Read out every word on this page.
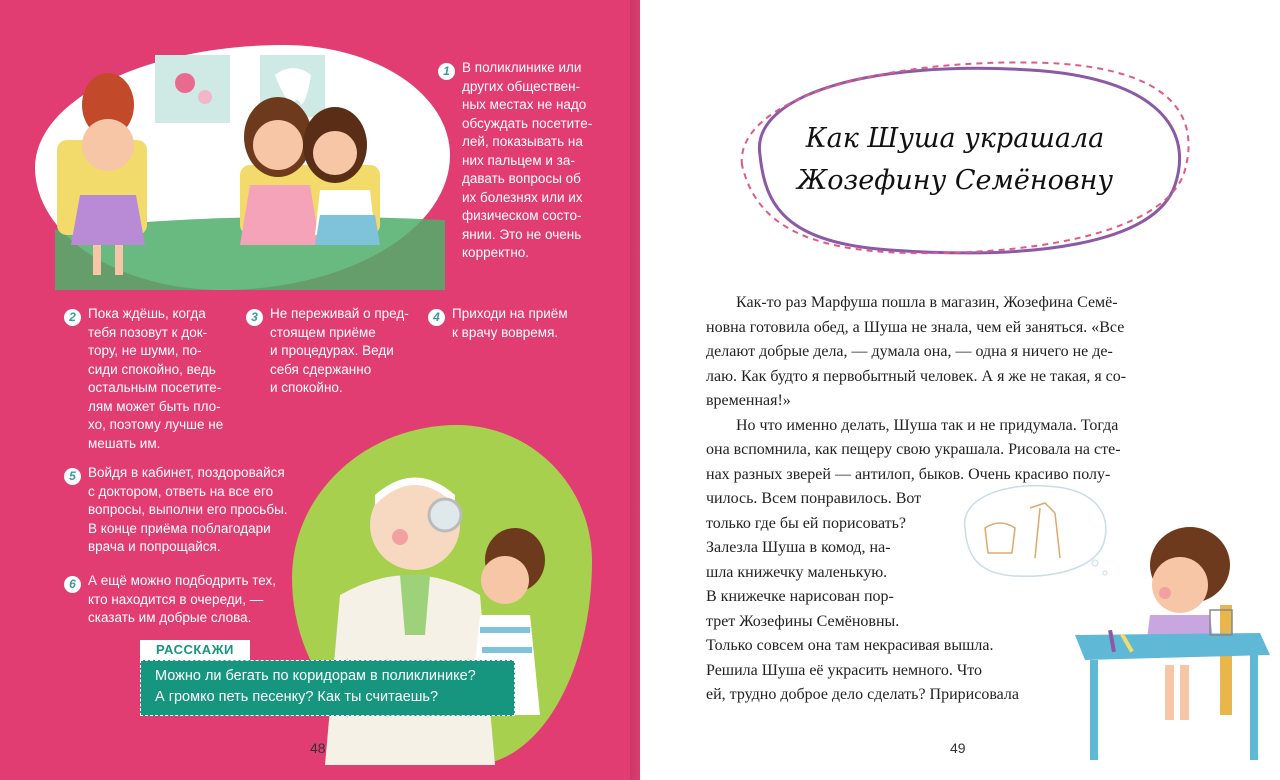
1 В поликлинике или
других обществен-
ных местах не надо
обсуждать посетите-
лей, показывать на
них пальцем и за-
давать вопросы об
их болезнях или их
физическом состо-
янии. Это не очень
корректно.
2 Пока ждёшь, когда
тебя позовут к док-
тору, не шуми, по-
сиди спокойно, ведь
остальным посетите-
лям может быть пло-
хо, поэтому лучше не
мешать им.
3 Не переживай о пред-
стоящем приёме
и процедурах. Веди
себя сдержанно
и спокойно.
4 Приходи на приём
к врачу вовремя.
5 Войдя в кабинет, поздоровайся
с доктором, ответь на все его
вопросы, выполни его просьбы.
В конце приёма поблагодари
врача и попрощайся.
6 А ещё можно подбодрить тех,
кто находится в очереди, —
сказать им добрые слова.
РАССКАЖИ
Можно ли бегать по коридорам в поликлинике?
А громко петь песенку? Как ты считаешь?
48
Как Шуша украшала
Жозефину Семёновну
Как-то раз Марфуша пошла в магазин, Жозефина Семё-
новна готовила обед, а Шуша не знала, чем ей заняться. «Все
делают добрые дела, — думала она, — одна я ничего не де-
лаю. Как будто я первобытный человек. А я же не такая, я со-
временная!»
Но что именно делать, Шуша так и не придумала. Тогда
она вспомнила, как пещеру свою украшала. Рисовала на сте-
нах разных зверей — антилоп, быков. Очень красиво полу-
чилось. Всем понравилось. Вот
только где бы ей порисовать?
Залезла Шуша в комод, на-
шла книжечку маленькую.
В книжечке нарисован пор-
трет Жозефины Семёновны.
Только совсем она там некрасивая вышла.
Решила Шуша её украсить немного. Что
ей, трудно доброе дело сделать? Пририсовала
49
